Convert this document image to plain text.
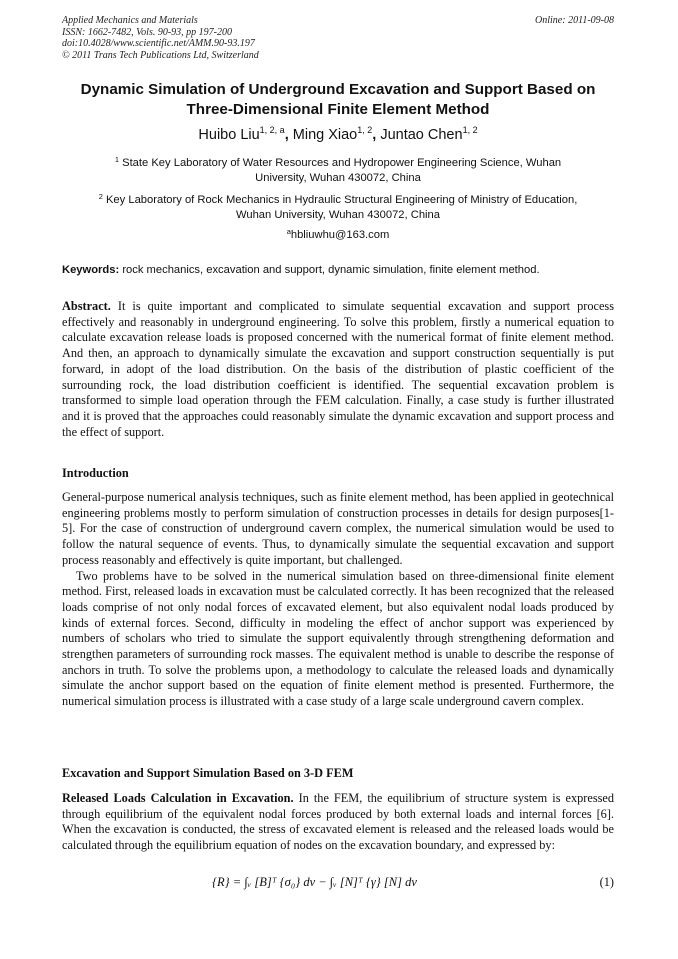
Applied Mechanics and Materials
ISSN: 1662-7482, Vols. 90-93, pp 197-200
doi:10.4028/www.scientific.net/AMM.90-93.197
© 2011 Trans Tech Publications Ltd, Switzerland
Online: 2011-09-08
Dynamic Simulation of Underground Excavation and Support Based on
Three-Dimensional Finite Element Method
Huibo Liu$^{1, 2, a}$, Ming Xiao$^{1, 2}$, Juntao Chen$^{1, 2}$
$^1$ State Key Laboratory of Water Resources and Hydropower Engineering Science, Wuhan
University, Wuhan 430072, China
$^2$ Key Laboratory of Rock Mechanics in Hydraulic Structural Engineering of Ministry of Education,
Wuhan University, Wuhan 430072, China
$^a$hbliuwhu@163.com
Keywords: rock mechanics, excavation and support, dynamic simulation, finite element method.

Abstract. It is quite important and complicated to simulate sequential excavation and support process effectively and reasonably in underground engineering. To solve this problem, firstly a numerical equation to calculate excavation release loads is proposed concerned with the numerical format of finite element method. And then, an approach to dynamically simulate the excavation and support construction sequentially is put forward, in adopt of the load distribution. On the basis of the distribution of plastic coefficient of the surrounding rock, the load distribution coefficient is identified. The sequential excavation problem is transformed to simple load operation through the FEM calculation. Finally, a case study is further illustrated and it is proved that the approaches could reasonably simulate the dynamic excavation and support process and the effect of support.

Introduction

General-purpose numerical analysis techniques, such as finite element method, has been applied in geotechnical engineering problems mostly to perform simulation of construction processes in details for design purposes[1-5]. For the case of construction of underground cavern complex, the numerical simulation would be used to follow the natural sequence of events. Thus, to dynamically simulate the sequential excavation and support process reasonably and effectively is quite important, but challenged.

Two problems have to be solved in the numerical simulation based on three-dimensional finite element method. First, released loads in excavation must be calculated correctly. It has been recognized that the released loads comprise of not only nodal forces of excavated element, but also equivalent nodal loads produced by kinds of external forces. Second, difficulty in modeling the effect of anchor support was experienced by numbers of scholars who tried to simulate the support equivalently through strengthening deformation and strengthen parameters of surrounding rock masses. The equivalent method is unable to describe the response of anchors in truth. To solve the problems upon, a methodology to calculate the released loads and dynamically simulate the anchor support based on the equation of finite element method is presented. Furthermore, the numerical simulation process is illustrated with a case study of a large scale underground cavern complex.

Excavation and Support Simulation Based on 3-D FEM

Released Loads Calculation in Excavation. In the FEM, the equilibrium of structure system is expressed through equilibrium of the equivalent nodal forces produced by both external loads and internal forces [6]. When the excavation is conducted, the stress of excavated element is released and the released loads would be calculated through the equilibrium equation of nodes on the excavation boundary, and expressed by:

{R} = ∫ᵥ [B]ᵀ {σ₀} dv − ∫ᵥ [N]ᵀ {γ} [N] dv	(1)
